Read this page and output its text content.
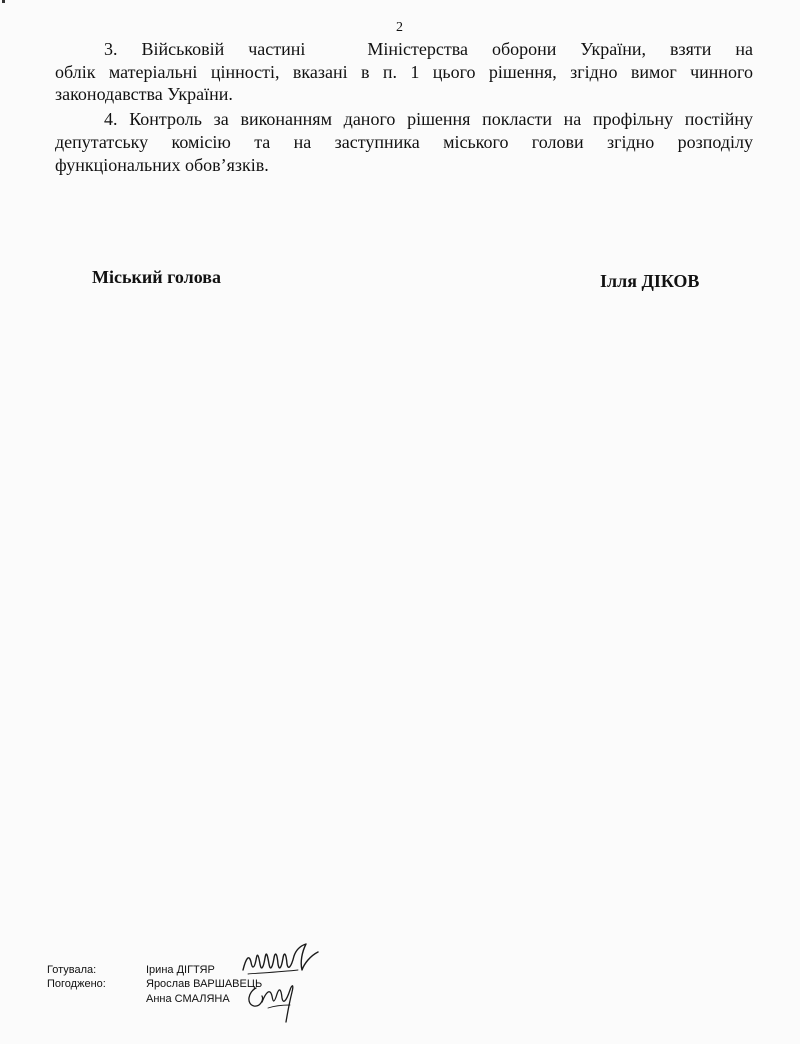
2
3. Військовій частині	Міністерства оборони України, взяти на
облік матеріальні цінності, вказані в п. 1 цього рішення, згідно вимог чинного
законодавства України.
4. Контроль за виконанням даного рішення покласти на профільну постійну
депутатську комісію та на заступника міського голови згідно розподілу
функціональних обов’язків.
Міський голова	Ілля ДІКОВ
Готувала:	Ірина ДІГТЯР
Погоджено:	Ярослав ВАРШАВЕЦЬ
Анна СМАЛЯНА
